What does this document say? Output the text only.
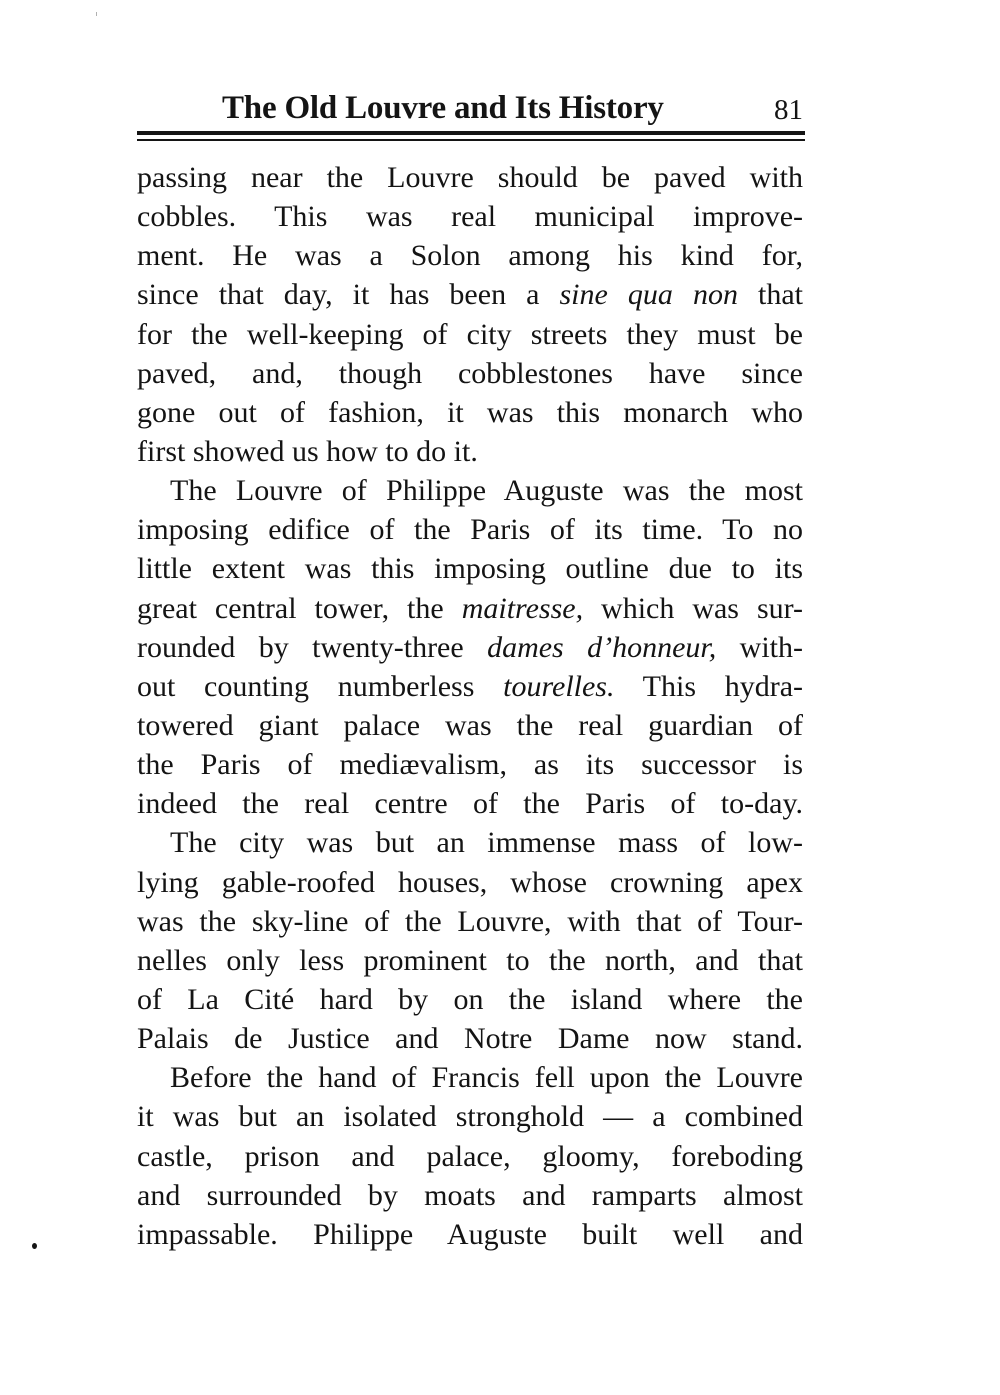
The Old Louvre and Its History	81
passing near the Louvre should be paved with
cobbles. This was real municipal improve-
ment. He was a Solon among his kind for,
since that day, it has been a sine qua non that
for the well-keeping of city streets they must be
paved, and, though cobblestones have since
gone out of fashion, it was this monarch who
first showed us how to do it.
The Louvre of Philippe Auguste was the most
imposing edifice of the Paris of its time. To no
little extent was this imposing outline due to its
great central tower, the maitresse, which was sur-
rounded by twenty-three dames d’honneur, with-
out counting numberless tourelles. This hydra-
towered giant palace was the real guardian of
the Paris of mediævalism, as its successor is
indeed the real centre of the Paris of to-day.
The city was but an immense mass of low-
lying gable-roofed houses, whose crowning apex
was the sky-line of the Louvre, with that of Tour-
nelles only less prominent to the north, and that
of La Cité hard by on the island where the
Palais de Justice and Notre Dame now stand.
Before the hand of Francis fell upon the Louvre
it was but an isolated stronghold — a combined
castle, prison and palace, gloomy, foreboding
and surrounded by moats and ramparts almost
impassable. Philippe Auguste built well and
